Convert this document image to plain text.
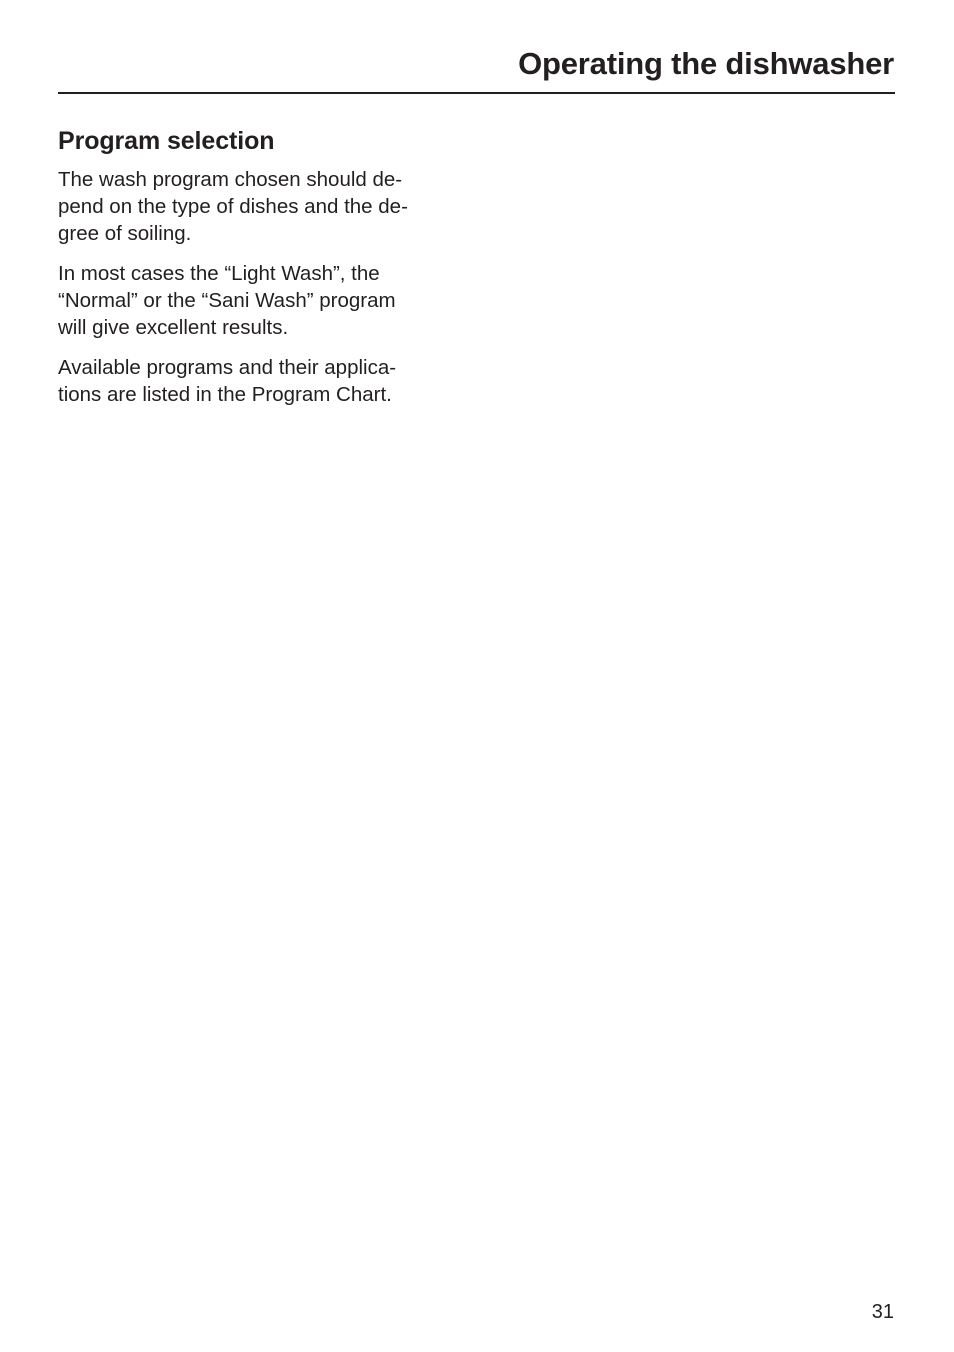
Operating the dishwasher
Program selection

The wash program chosen should de-
pend on the type of dishes and the de-
gree of soiling.

In most cases the “Light Wash”, the
“Normal” or the “Sani Wash” program
will give excellent results.

Available programs and their applica-
tions are listed in the Program Chart.

31
